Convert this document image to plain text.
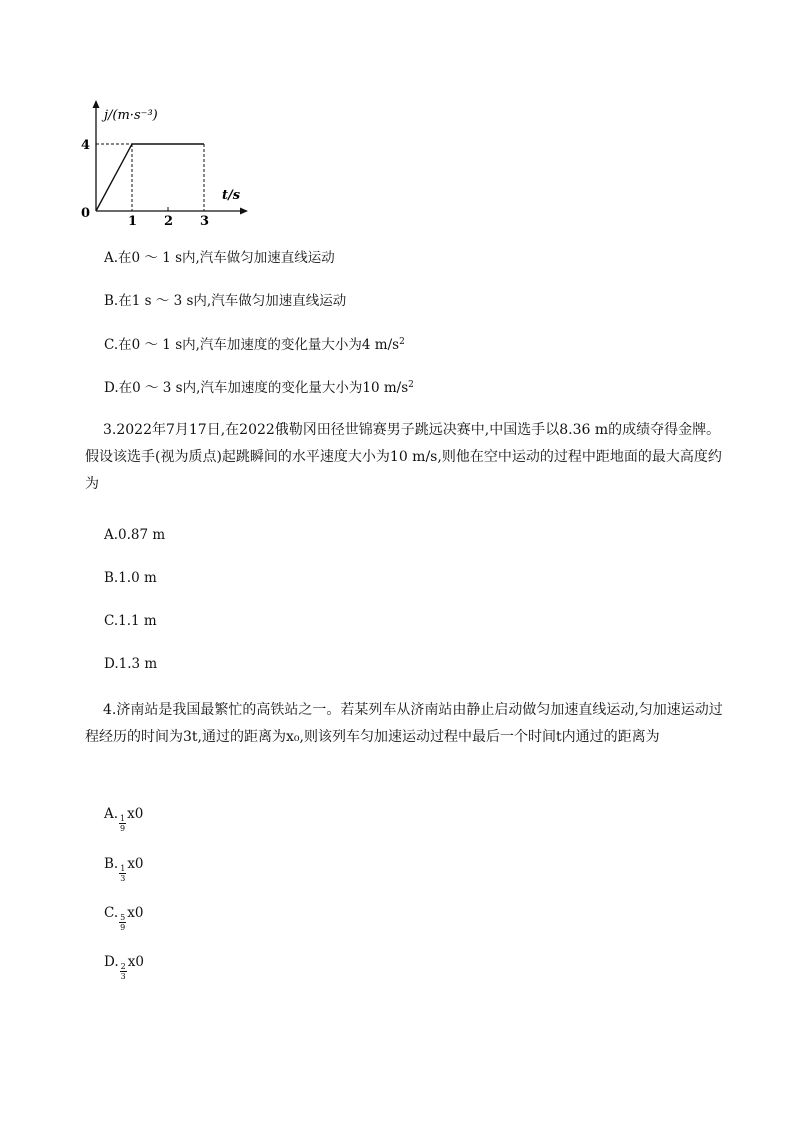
j/(m·s⁻³)
t/s
0
4
1 2 3
A.在0 ～ 1 s内,汽车做匀加速直线运动
B.在1 s ～ 3 s内,汽车做匀加速直线运动
C.在0 ～ 1 s内,汽车加速度的变化量大小为4 $m/s^2$
D.在0 ～ 3 s内,汽车加速度的变化量大小为10 $m/s^2$
3.2022年7月17日,在2022俄勒冈田径世锦赛男子跳远决赛中,中国选手以8.36 m的成绩夺得金牌。假设该选手(视为质点)起跳瞬间的水平速度大小为10 m/s,则他在空中运动的过程中距地面的最大高度约为
A.0.87 m
B.1.0 m
C.1.1 m
D.1.3 m
4.济南站是我国最繁忙的高铁站之一。若某列车从济南站由静止启动做匀加速直线运动,匀加速运动过程经历的时间为3t,通过的距离为x₀,则该列车匀加速运动过程中最后一个时间t内通过的距离为
A. $\frac{1}{9} x0$
B. $\frac{1}{3} x0$
C. $\frac{5}{9} x0$
D. $\frac{2}{3} x0$
